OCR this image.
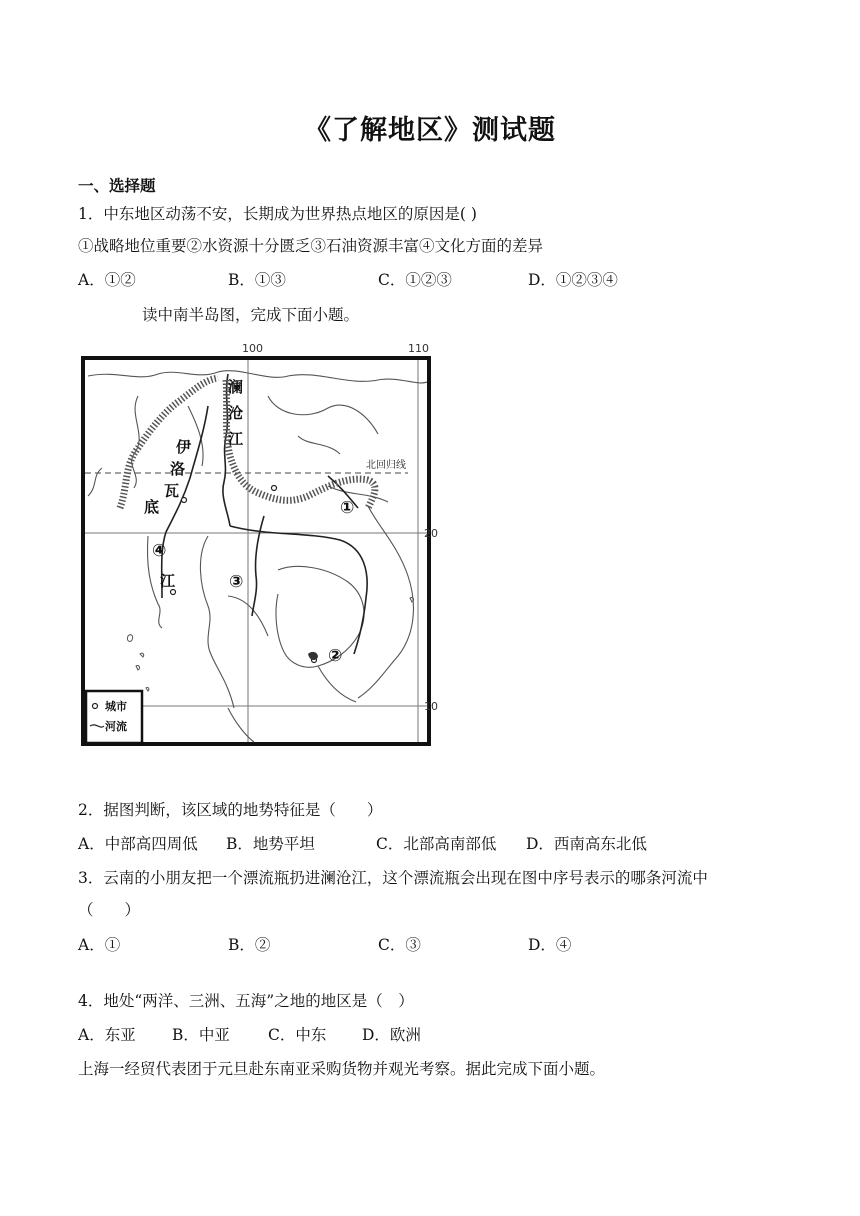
《了解地区》测试题
一、选择题
1．中东地区动荡不安，长期成为世界热点地区的原因是( )
①战略地位重要②水资源十分匮乏③石油资源丰富④文化方面的差异
A．①②	B．①③	C．①②③	D．①②③④
读中南半岛图，完成下面小题。
100	110
20
10
北回归线
澜
沧
江
伊
洛
瓦
底
江
①
②
③
④
城市
河流
2．据图判断，该区域的地势特征是（　　）
A．中部高四周低 B．地势平坦	C．北部高南部低 D．西南高东北低
3．云南的小朋友把一个漂流瓶扔进澜沧江，这个漂流瓶会出现在图中序号表示的哪条河流中
（　　）
A．①	B．②	C．③	D．④
4．地处“两洋、三洲、五海”之地的地区是（　）
A．东亚 B．中亚 C．中东 D．欧洲
上海一经贸代表团于元旦赴东南亚采购货物并观光考察。据此完成下面小题。
